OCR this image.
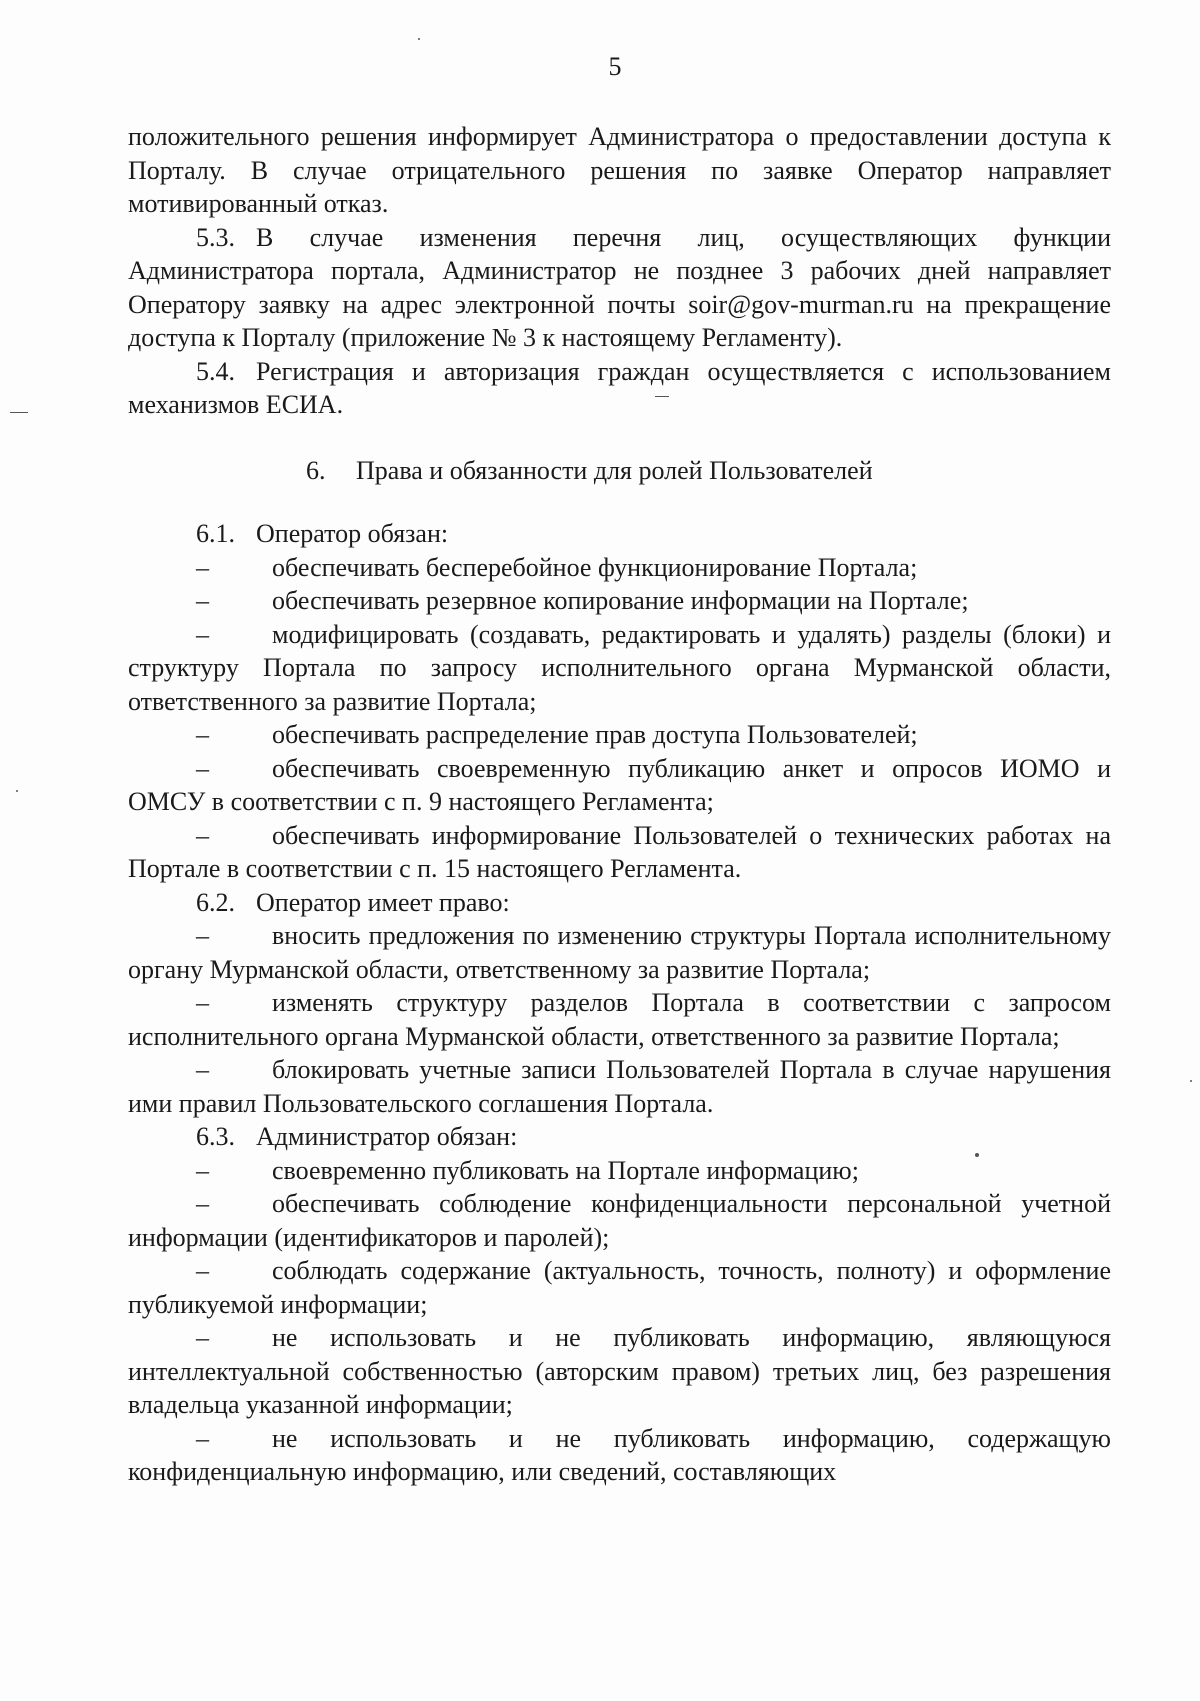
5

положительного решения информирует Администратора о предоставлении доступа к Порталу. В случае отрицательного решения по заявке Оператор направляет мотивированный отказ.

5.3. В случае изменения перечня лиц, осуществляющих функции Администратора портала, Администратор не позднее 3 рабочих дней направляет Оператору заявку на адрес электронной почты soir@gov-murman.ru на прекращение доступа к Порталу (приложение № 3 к настоящему Регламенту).

5.4. Регистрация и авторизация граждан осуществляется с использованием механизмов ЕСИА.

6. Права и обязанности для ролей Пользователей

6.1. Оператор обязан:

– обеспечивать бесперебойное функционирование Портала;

– обеспечивать резервное копирование информации на Портале;

– модифицировать (создавать, редактировать и удалять) разделы (блоки) и структуру Портала по запросу исполнительного органа Мурманской области, ответственного за развитие Портала;

– обеспечивать распределение прав доступа Пользователей;

– обеспечивать своевременную публикацию анкет и опросов ИОМО и ОМСУ в соответствии с п. 9 настоящего Регламента;

– обеспечивать информирование Пользователей о технических работах на Портале в соответствии с п. 15 настоящего Регламента.

6.2. Оператор имеет право:

– вносить предложения по изменению структуры Портала исполнительному органу Мурманской области, ответственному за развитие Портала;

– изменять структуру разделов Портала в соответствии с запросом исполнительного органа Мурманской области, ответственного за развитие Портала;

– блокировать учетные записи Пользователей Портала в случае нарушения ими правил Пользовательского соглашения Портала.

6.3. Администратор обязан:

– своевременно публиковать на Портале информацию;

– обеспечивать соблюдение конфиденциальности персональной учетной информации (идентификаторов и паролей);

– соблюдать содержание (актуальность, точность, полноту) и оформление публикуемой информации;

– не использовать и не публиковать информацию, являющуюся интеллектуальной собственностью (авторским правом) третьих лиц, без разрешения владельца указанной информации;

– не использовать и не публиковать информацию, содержащую конфиденциальную информацию, или сведений, составляющих
